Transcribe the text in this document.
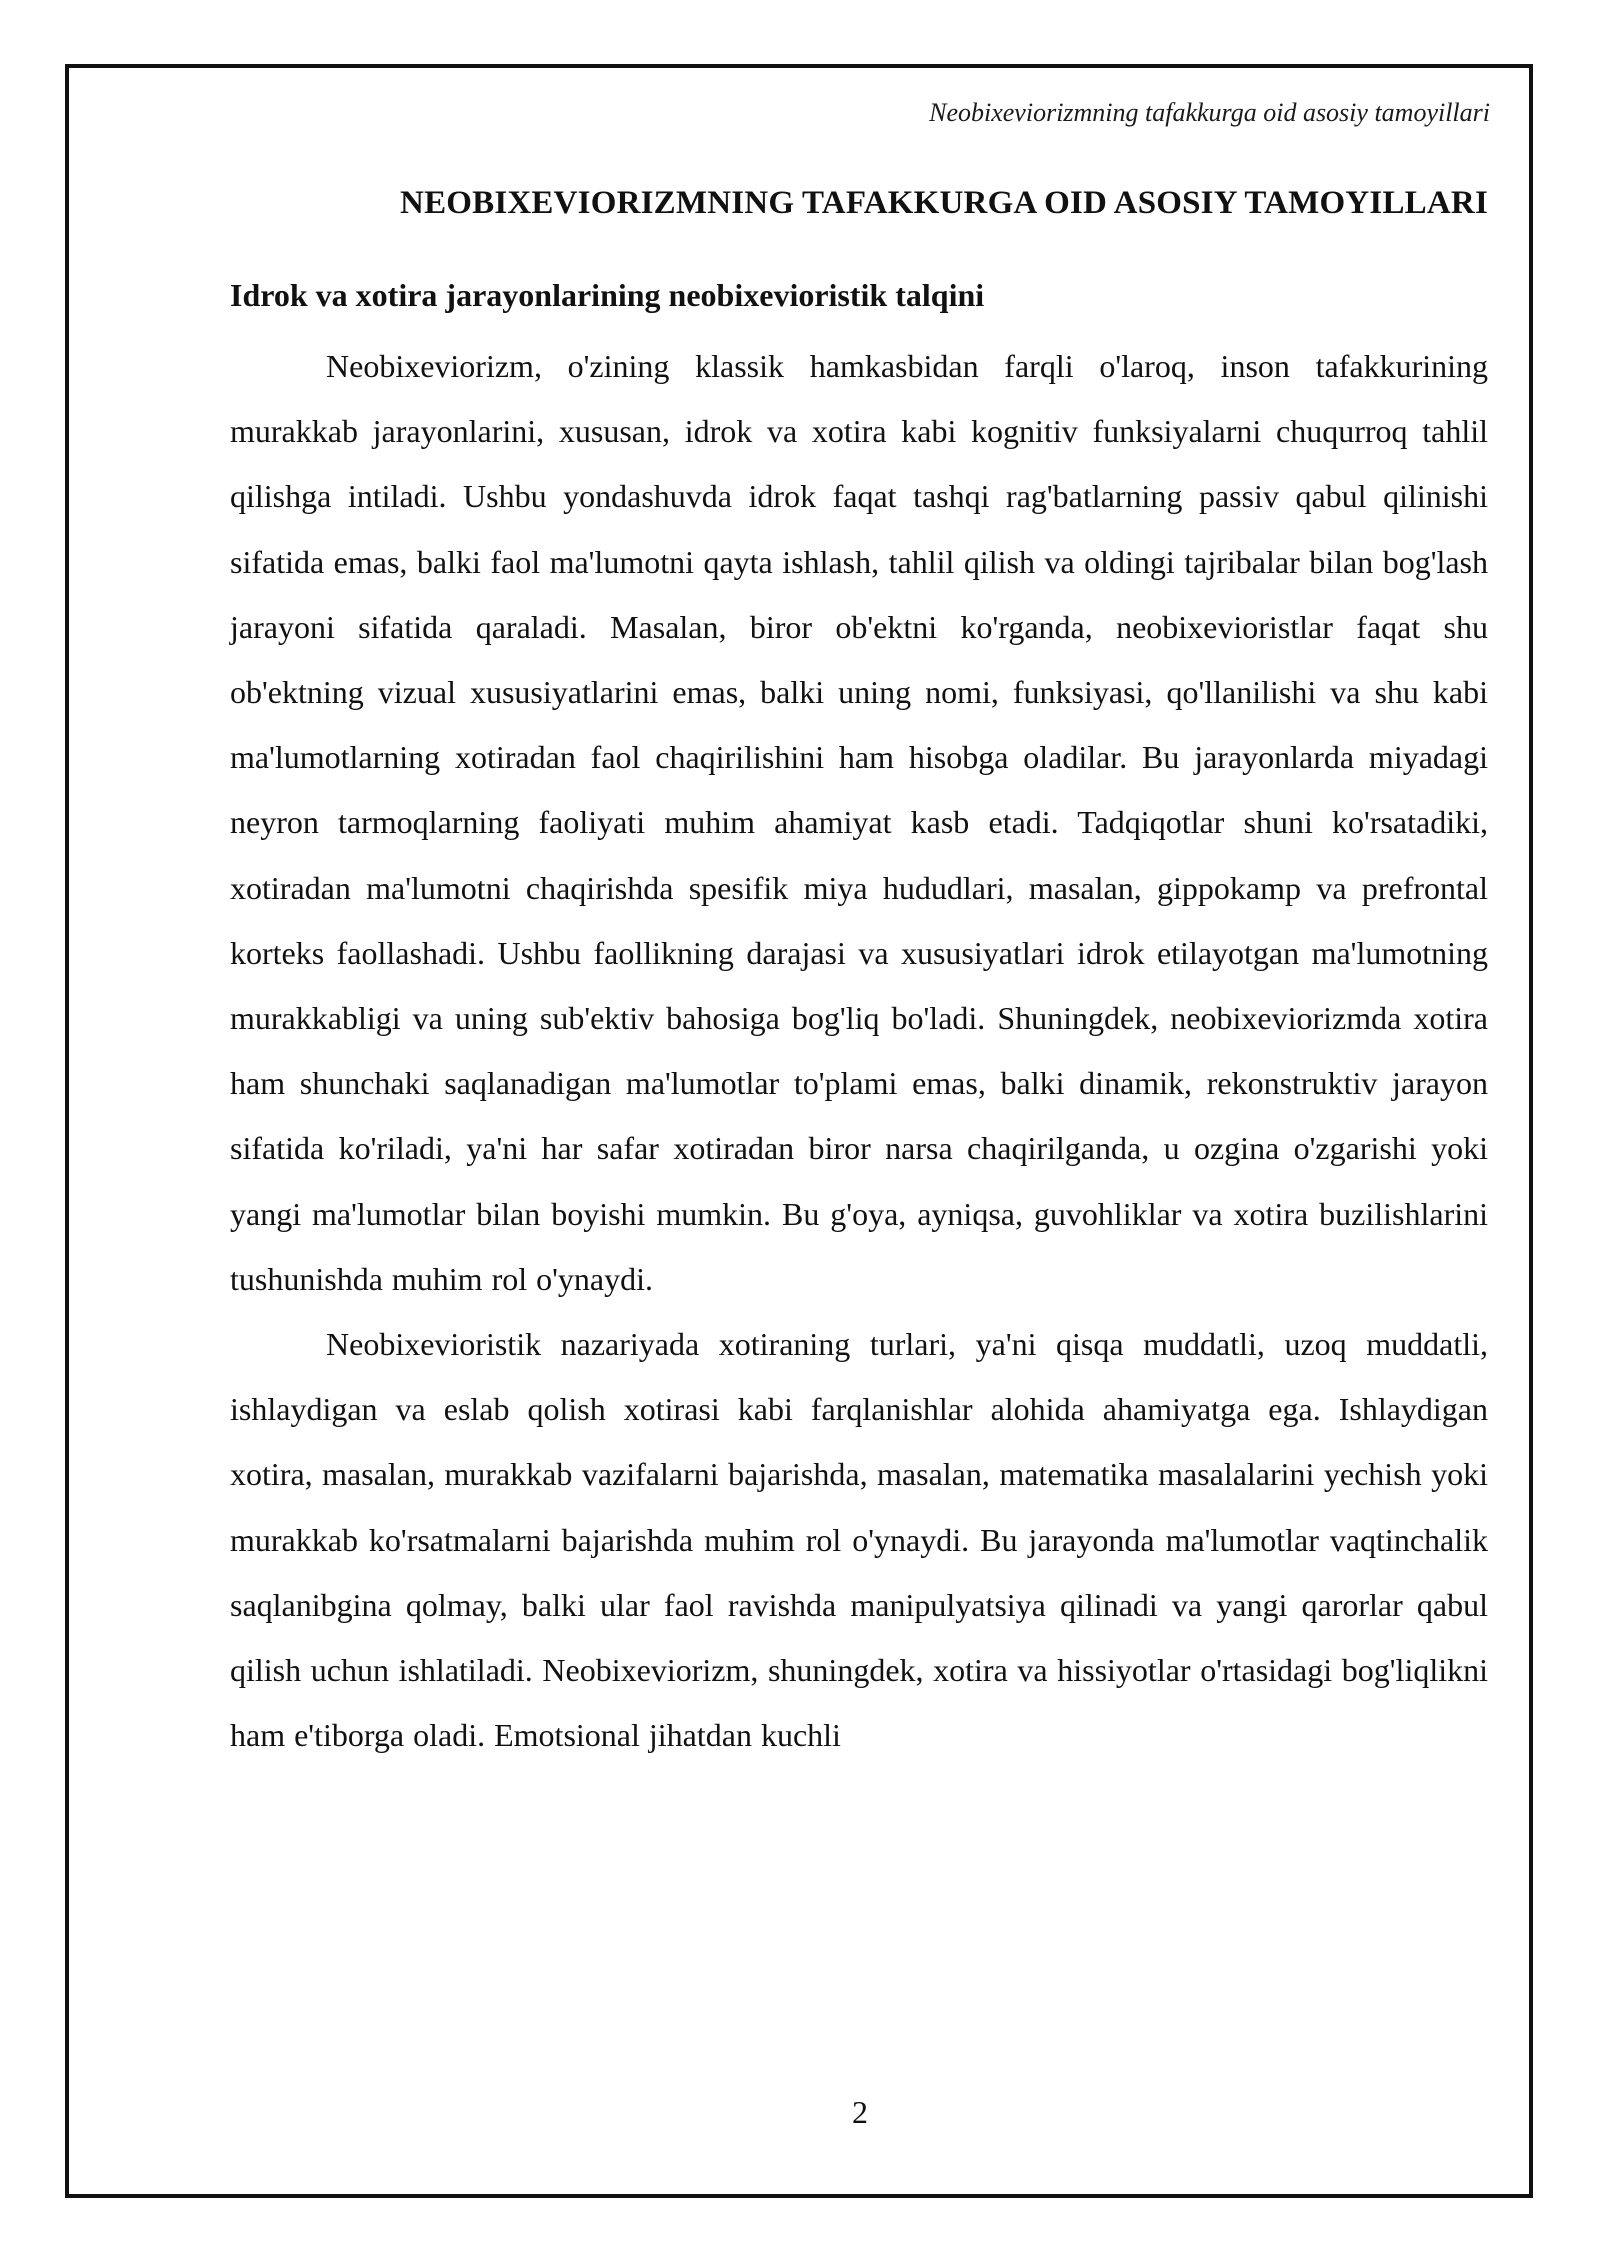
Neobixeviorizmning tafakkurga oid asosiy tamoyillari
NEOBIXEVIORIZMNING TAFAKKURGA OID ASOSIY TAMOYILLARI
Idrok va xotira jarayonlarining neobixevioristik talqini

Neobixeviorizm, o'zining klassik hamkasbidan farqli o'laroq, inson tafakkurining murakkab jarayonlarini, xususan, idrok va xotira kabi kognitiv funksiyalarni chuqurroq tahlil qilishga intiladi. Ushbu yondashuvda idrok faqat tashqi rag'batlarning passiv qabul qilinishi sifatida emas, balki faol ma'lumotni qayta ishlash, tahlil qilish va oldingi tajribalar bilan bog'lash jarayoni sifatida qaraladi. Masalan, biror ob'ektni ko'rganda, neobixevioristlar faqat shu ob'ektning vizual xususiyatlarini emas, balki uning nomi, funksiyasi, qo'llanilishi va shu kabi ma'lumotlarning xotiradan faol chaqirilishini ham hisobga oladilar. Bu jarayonlarda miyadagi neyron tarmoqlarning faoliyati muhim ahamiyat kasb etadi. Tadqiqotlar shuni ko'rsatadiki, xotiradan ma'lumotni chaqirishda spesifik miya hududlari, masalan, gippokamp va prefrontal korteks faollashadi. Ushbu faollikning darajasi va xususiyatlari idrok etilayotgan ma'lumotning murakkabligi va uning sub'ektiv bahosiga bog'liq bo'ladi. Shuningdek, neobixeviorizmda xotira ham shunchaki saqlanadigan ma'lumotlar to'plami emas, balki dinamik, rekonstruktiv jarayon sifatida ko'riladi, ya'ni har safar xotiradan biror narsa chaqirilganda, u ozgina o'zgarishi yoki yangi ma'lumotlar bilan boyishi mumkin. Bu g'oya, ayniqsa, guvohliklar va xotira buzilishlarini tushunishda muhim rol o'ynaydi.

Neobixevioristik nazariyada xotiraning turlari, ya'ni qisqa muddatli, uzoq muddatli, ishlaydigan va eslab qolish xotirasi kabi farqlanishlar alohida ahamiyatga ega. Ishlaydigan xotira, masalan, murakkab vazifalarni bajarishda, masalan, matematika masalalarini yechish yoki murakkab ko'rsatmalarni bajarishda muhim rol o'ynaydi. Bu jarayonda ma'lumotlar vaqtinchalik saqlanibgina qolmay, balki ular faol ravishda manipulyatsiya qilinadi va yangi qarorlar qabul qilish uchun ishlatiladi. Neobixeviorizm, shuningdek, xotira va hissiyotlar o'rtasidagi bog'liqlikni ham e'tiborga oladi. Emotsional jihatdan kuchli

2
